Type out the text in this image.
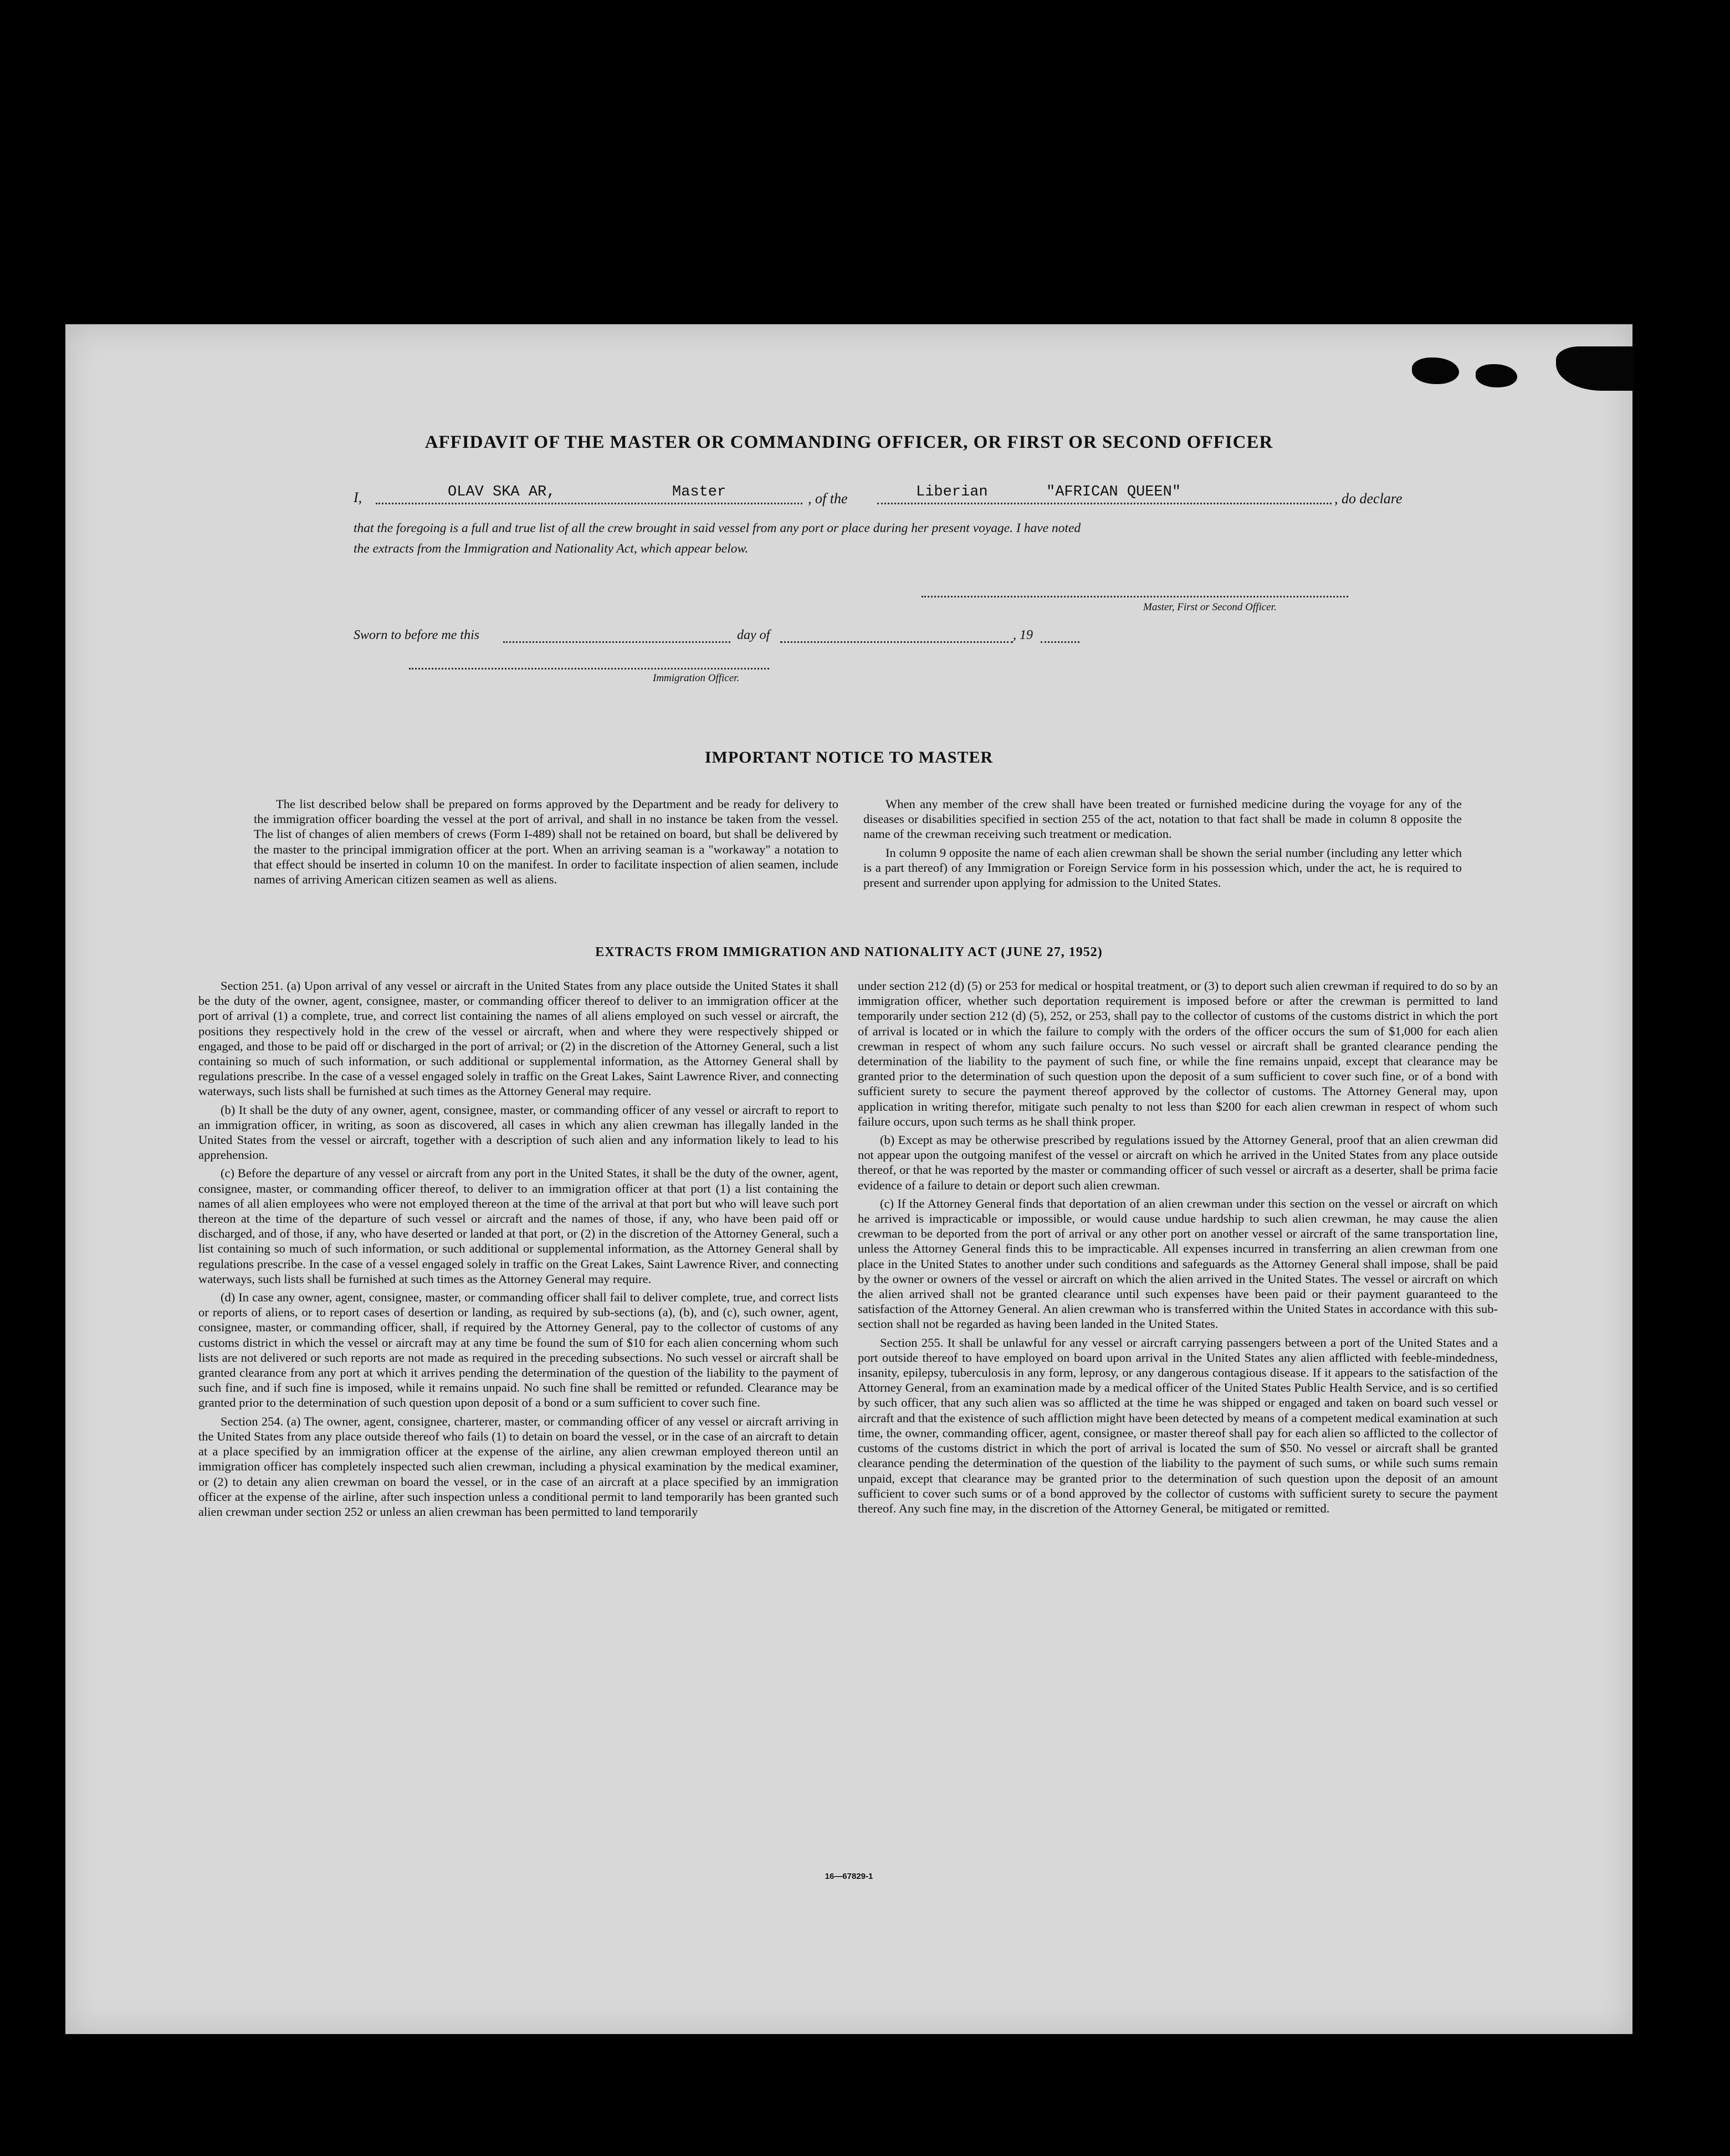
AFFIDAVIT OF THE MASTER OR COMMANDING OFFICER, OR FIRST OR SECOND OFFICER
I,	OLAV SKA AR,	Master	, of the	Liberian	"AFRICAN QUEEN"	, do declare
that the foregoing is a full and true list of all the crew brought in said vessel from any port or place during her present voyage. I have noted
the extracts from the Immigration and Nationality Act, which appear below.
Master, First or Second Officer.
Sworn to before me this	day of	, 19
Immigration Officer.
IMPORTANT NOTICE TO MASTER

The list described below shall be prepared on forms approved by the Department and be ready for delivery to the immigration officer boarding the vessel at the port of arrival, and shall in no instance be taken from the vessel. The list of changes of alien members of crews (Form I-489) shall not be retained on board, but shall be delivered by the master to the principal immigration officer at the port. When an arriving seaman is a "workaway" a notation to that effect should be inserted in column 10 on the manifest. In order to facilitate inspection of alien seamen, include names of arriving American citizen seamen as well as aliens.

When any member of the crew shall have been treated or furnished medicine during the voyage for any of the diseases or disabilities specified in section 255 of the act, notation to that fact shall be made in column 8 opposite the name of the crewman receiving such treatment or medication.

In column 9 opposite the name of each alien crewman shall be shown the serial number (including any letter which is a part thereof) of any Immigration or Foreign Service form in his possession which, under the act, he is required to present and surrender upon applying for admission to the United States.

EXTRACTS FROM IMMIGRATION AND NATIONALITY ACT (JUNE 27, 1952)

Section 251. (a) Upon arrival of any vessel or aircraft in the United States from any place outside the United States it shall be the duty of the owner, agent, consignee, master, or commanding officer thereof to deliver to an immigration officer at the port of arrival (1) a complete, true, and correct list containing the names of all aliens employed on such vessel or aircraft, the positions they respectively hold in the crew of the vessel or aircraft, when and where they were respectively shipped or engaged, and those to be paid off or discharged in the port of arrival; or (2) in the discretion of the Attorney General, such a list containing so much of such information, or such additional or supplemental information, as the Attorney General shall by regulations prescribe. In the case of a vessel engaged solely in traffic on the Great Lakes, Saint Lawrence River, and connecting waterways, such lists shall be furnished at such times as the Attorney General may require.

(b) It shall be the duty of any owner, agent, consignee, master, or commanding officer of any vessel or aircraft to report to an immigration officer, in writing, as soon as discovered, all cases in which any alien crewman has illegally landed in the United States from the vessel or aircraft, together with a description of such alien and any information likely to lead to his apprehension.

(c) Before the departure of any vessel or aircraft from any port in the United States, it shall be the duty of the owner, agent, consignee, master, or commanding officer thereof, to deliver to an immigration officer at that port (1) a list containing the names of all alien employees who were not employed thereon at the time of the arrival at that port but who will leave such port thereon at the time of the departure of such vessel or aircraft and the names of those, if any, who have been paid off or discharged, and of those, if any, who have deserted or landed at that port, or (2) in the discretion of the Attorney General, such a list containing so much of such information, or such additional or supplemental information, as the Attorney General shall by regulations prescribe. In the case of a vessel engaged solely in traffic on the Great Lakes, Saint Lawrence River, and connecting waterways, such lists shall be furnished at such times as the Attorney General may require.

(d) In case any owner, agent, consignee, master, or commanding officer shall fail to deliver complete, true, and correct lists or reports of aliens, or to report cases of desertion or landing, as required by sub-sections (a), (b), and (c), such owner, agent, consignee, master, or commanding officer, shall, if required by the Attorney General, pay to the collector of customs of any customs district in which the vessel or aircraft may at any time be found the sum of $10 for each alien concerning whom such lists are not delivered or such reports are not made as required in the preceding subsections. No such vessel or aircraft shall be granted clearance from any port at which it arrives pending the determination of the question of the liability to the payment of such fine, and if such fine is imposed, while it remains unpaid. No such fine shall be remitted or refunded. Clearance may be granted prior to the determination of such question upon deposit of a bond or a sum sufficient to cover such fine.

Section 254. (a) The owner, agent, consignee, charterer, master, or commanding officer of any vessel or aircraft arriving in the United States from any place outside thereof who fails (1) to detain on board the vessel, or in the case of an aircraft to detain at a place specified by an immigration officer at the expense of the airline, any alien crewman employed thereon until an immigration officer has completely inspected such alien crewman, including a physical examination by the medical examiner, or (2) to detain any alien crewman on board the vessel, or in the case of an aircraft at a place specified by an immigration officer at the expense of the airline, after such inspection unless a conditional permit to land temporarily has been granted such alien crewman under section 252 or unless an alien crewman has been permitted to land temporarily

under section 212 (d) (5) or 253 for medical or hospital treatment, or (3) to deport such alien crewman if required to do so by an immigration officer, whether such deportation requirement is imposed before or after the crewman is permitted to land temporarily under section 212 (d) (5), 252, or 253, shall pay to the collector of customs of the customs district in which the port of arrival is located or in which the failure to comply with the orders of the officer occurs the sum of $1,000 for each alien crewman in respect of whom any such failure occurs. No such vessel or aircraft shall be granted clearance pending the determination of the liability to the payment of such fine, or while the fine remains unpaid, except that clearance may be granted prior to the determination of such question upon the deposit of a sum sufficient to cover such fine, or of a bond with sufficient surety to secure the payment thereof approved by the collector of customs. The Attorney General may, upon application in writing therefor, mitigate such penalty to not less than $200 for each alien crewman in respect of whom such failure occurs, upon such terms as he shall think proper.

(b) Except as may be otherwise prescribed by regulations issued by the Attorney General, proof that an alien crewman did not appear upon the outgoing manifest of the vessel or aircraft on which he arrived in the United States from any place outside thereof, or that he was reported by the master or commanding officer of such vessel or aircraft as a deserter, shall be prima facie evidence of a failure to detain or deport such alien crewman.

(c) If the Attorney General finds that deportation of an alien crewman under this section on the vessel or aircraft on which he arrived is impracticable or impossible, or would cause undue hardship to such alien crewman, he may cause the alien crewman to be deported from the port of arrival or any other port on another vessel or aircraft of the same transportation line, unless the Attorney General finds this to be impracticable. All expenses incurred in transferring an alien crewman from one place in the United States to another under such conditions and safeguards as the Attorney General shall impose, shall be paid by the owner or owners of the vessel or aircraft on which the alien arrived in the United States. The vessel or aircraft on which the alien arrived shall not be granted clearance until such expenses have been paid or their payment guaranteed to the satisfaction of the Attorney General. An alien crewman who is transferred within the United States in accordance with this sub-section shall not be regarded as having been landed in the United States.

Section 255. It shall be unlawful for any vessel or aircraft carrying passengers between a port of the United States and a port outside thereof to have employed on board upon arrival in the United States any alien afflicted with feeble-mindedness, insanity, epilepsy, tuberculosis in any form, leprosy, or any dangerous contagious disease. If it appears to the satisfaction of the Attorney General, from an examination made by a medical officer of the United States Public Health Service, and is so certified by such officer, that any such alien was so afflicted at the time he was shipped or engaged and taken on board such vessel or aircraft and that the existence of such affliction might have been detected by means of a competent medical examination at such time, the owner, commanding officer, agent, consignee, or master thereof shall pay for each alien so afflicted to the collector of customs of the customs district in which the port of arrival is located the sum of $50. No vessel or aircraft shall be granted clearance pending the determination of the question of the liability to the payment of such sums, or while such sums remain unpaid, except that clearance may be granted prior to the determination of such question upon the deposit of an amount sufficient to cover such sums or of a bond approved by the collector of customs with sufficient surety to secure the payment thereof. Any such fine may, in the discretion of the Attorney General, be mitigated or remitted.

16—67829-1
